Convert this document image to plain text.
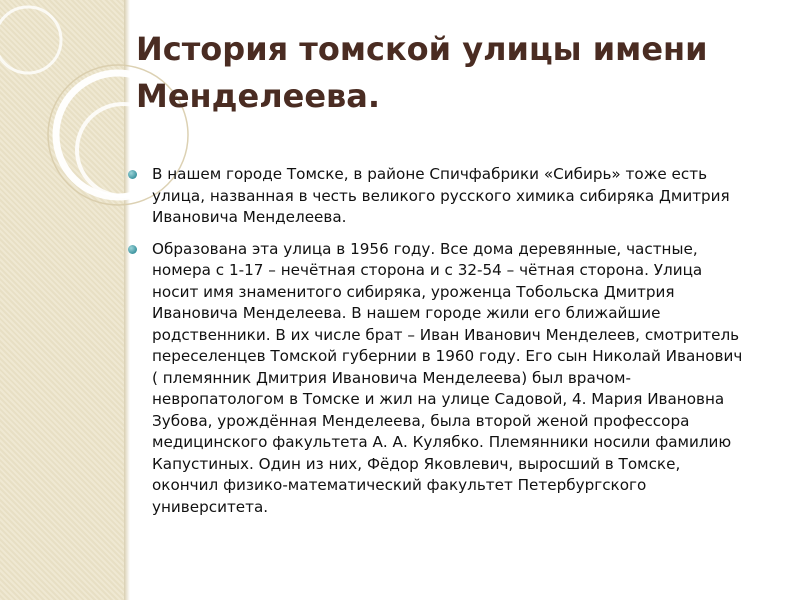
История томской улицы имени Менделеева.
В нашем городе Томске, в районе Спичфабрики «Сибирь» тоже есть улица, названная в честь великого русского химика сибиряка Дмитрия Ивановича Менделеева.
Образована эта улица в 1956 году. Все дома деревянные, частные, номера с 1-17 – нечётная сторона и с 32-54 – чётная сторона. Улица носит имя знаменитого сибиряка, уроженца Тобольска Дмитрия Ивановича Менделеева. В нашем городе жили его ближайшие родственники. В их числе брат – Иван Иванович Менделеев, смотритель переселенцев Томской губернии в 1960 году. Его сын Николай Иванович ( племянник Дмитрия Ивановича Менделеева) был врачом-невропатологом в Томске и жил на улице Садовой, 4. Мария Ивановна Зубова, урождённая Менделеева, была второй женой профессора медицинского факультета А. А. Кулябко. Племянники носили фамилию Капустиных. Один из них, Фёдор Яковлевич, выросший в Томске, окончил физико-математический факультет Петербургского университета.
